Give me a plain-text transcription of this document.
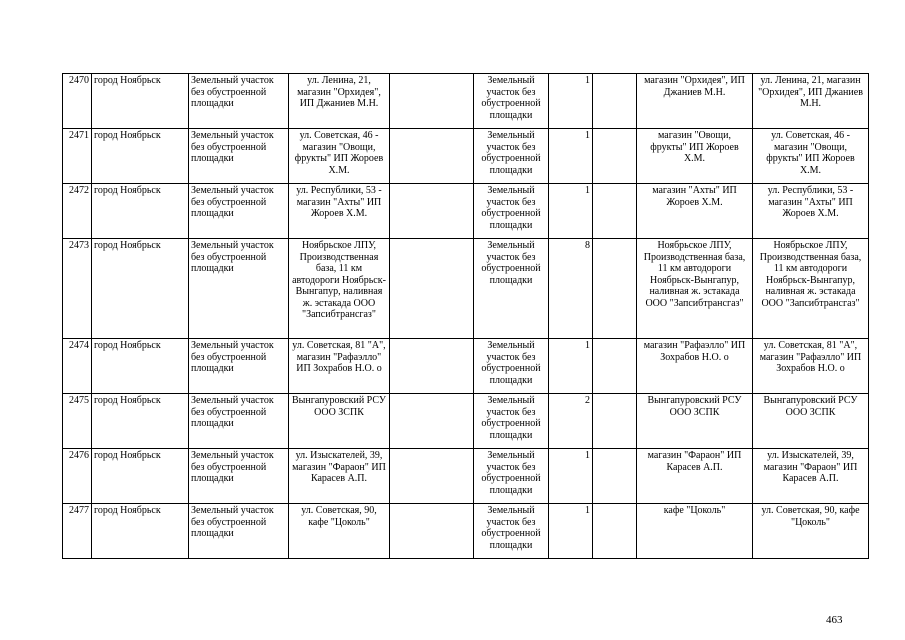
2470	город Ноябрьск	Земельный участок без обустроенной площадки	ул. Ленина, 21, магазин "Орхидея", ИП Джаниев М.Н.		Земельный участок без обустроенной площадки	1		магазин "Орхидея", ИП Джаниев М.Н.	ул. Ленина, 21, магазин "Орхидея", ИП Джаниев М.Н.
2471	город Ноябрьск	Земельный участок без обустроенной площадки	ул. Советская, 46 - магазин "Овощи, фрукты" ИП Жороев Х.М.		Земельный участок без обустроенной площадки	1		магазин "Овощи, фрукты" ИП Жороев Х.М.	ул. Советская, 46 - магазин "Овощи, фрукты" ИП Жороев Х.М.
2472	город Ноябрьск	Земельный участок без обустроенной площадки	ул. Республики, 53 - магазин "Ахты" ИП Жороев Х.М.		Земельный участок без обустроенной площадки	1		магазин "Ахты" ИП Жороев Х.М.	ул. Республики, 53 - магазин "Ахты" ИП Жороев Х.М.
2473	город Ноябрьск	Земельный участок без обустроенной площадки	Ноябрьское ЛПУ, Производственная база, 11 км автодороги Ноябрьск-Вынгапур, наливная ж. эстакада ООО "Запсибтрансгаз"		Земельный участок без обустроенной площадки	8		Ноябрьское ЛПУ, Производственная база, 11 км автодороги Ноябрьск-Вынгапур, наливная ж. эстакада ООО "Запсибтрансгаз"	Ноябрьское ЛПУ, Производственная база, 11 км автодороги Ноябрьск-Вынгапур, наливная ж. эстакада ООО "Запсибтрансгаз"
2474	город Ноябрьск	Земельный участок без обустроенной площадки	ул. Советская, 81 "А", магазин "Рафаэлло" ИП Зохрабов Н.О. о		Земельный участок без обустроенной площадки	1		магазин "Рафаэлло" ИП Зохрабов Н.О. о	ул. Советская, 81 "А", магазин "Рафаэлло" ИП Зохрабов Н.О. о
2475	город Ноябрьск	Земельный участок без обустроенной площадки	Вынгапуровский РСУ ООО ЗСПК		Земельный участок без обустроенной площадки	2		Вынгапуровский РСУ ООО ЗСПК	Вынгапуровский РСУ ООО ЗСПК
2476	город Ноябрьск	Земельный участок без обустроенной площадки	ул. Изыскателей, 39, магазин "Фараон" ИП Карасев А.П.		Земельный участок без обустроенной площадки	1		магазин "Фараон" ИП Карасев А.П.	ул. Изыскателей, 39, магазин "Фараон" ИП Карасев А.П.
2477	город Ноябрьск	Земельный участок без обустроенной площадки	ул. Советская, 90, кафе "Цоколь"		Земельный участок без обустроенной площадки	1		кафе "Цоколь"	ул. Советская, 90, кафе "Цоколь"
463
